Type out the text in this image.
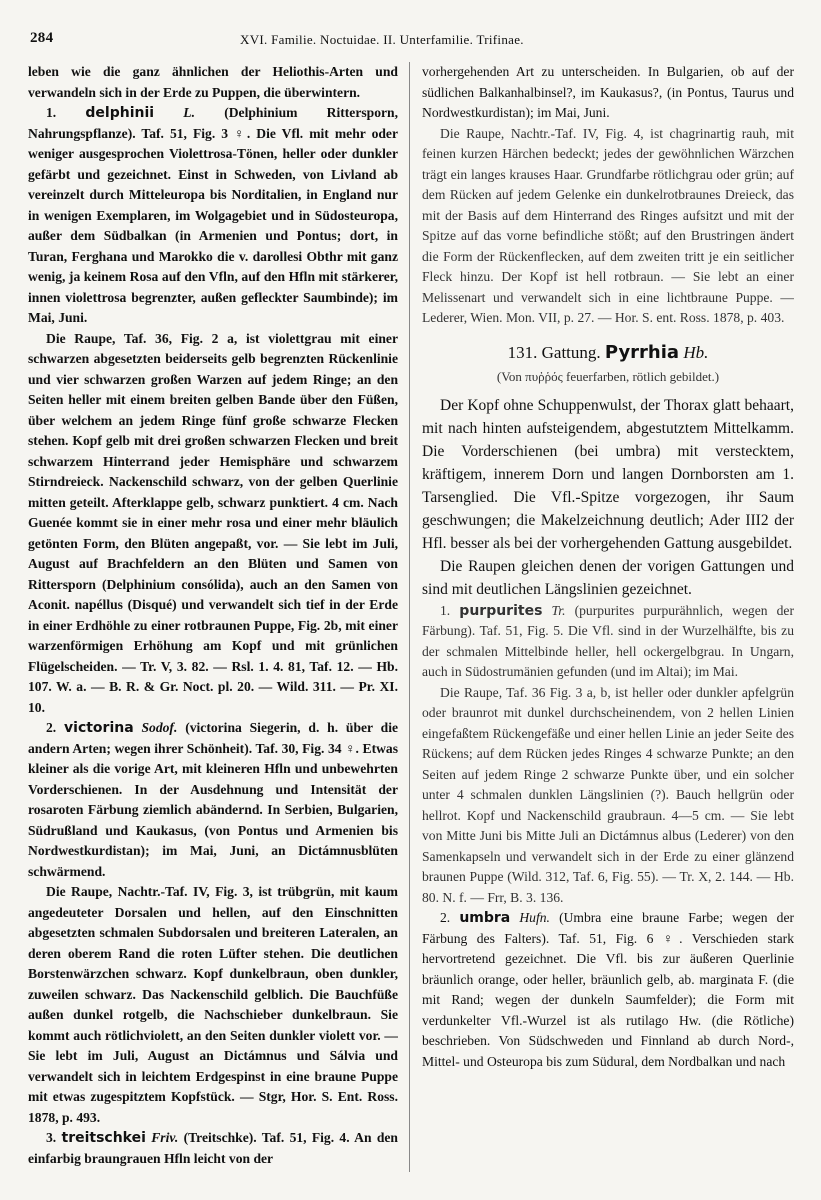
284	XVI. Familie. Noctuidae. II. Unterfamilie. Trifinae.

leben wie die ganz ähnlichen der Heliothis-Arten und verwandeln sich in der Erde zu Puppen, die überwintern.

1. delphinii L. (Delphinium Rittersporn, Nahrungspflanze). Taf. 51, Fig. 3 ♀. Die Vfl. mit mehr oder weniger ausgesprochen Violettrosa-Tönen, heller oder dunkler gefärbt und gezeichnet. Einst in Schweden, von Livland ab vereinzelt durch Mitteleuropa bis Norditalien, in England nur in wenigen Exemplaren, im Wolgagebiet und in Südosteuropa, außer dem Südbalkan (in Armenien und Pontus; dort, in Turan, Ferghana und Marokko die v. darollesi Obthr mit ganz wenig, ja keinem Rosa auf den Vfln, auf den Hfln mit stärkerer, innen violettrosa begrenzter, außen gefleckter Saumbinde); im Mai, Juni.

Die Raupe, Taf. 36, Fig. 2 a, ist violettgrau mit einer schwarzen abgesetzten beiderseits gelb begrenzten Rückenlinie und vier schwarzen großen Warzen auf jedem Ringe; an den Seiten heller mit einem breiten gelben Bande über den Füßen, über welchem an jedem Ringe fünf große schwarze Flecken stehen. Kopf gelb mit drei großen schwarzen Flecken und breit schwarzem Hinterrand jeder Hemisphäre und schwarzem Stirndreieck. Nackenschild schwarz, von der gelben Querlinie mitten geteilt. Afterklappe gelb, schwarz punktiert. 4 cm. Nach Guenée kommt sie in einer mehr rosa und einer mehr bläulich getönten Form, den Blüten angepaßt, vor. — Sie lebt im Juli, August auf Brachfeldern an den Blüten und Samen von Rittersporn (Delphinium consólida), auch an den Samen von Aconit. napéllus (Disqué) und verwandelt sich tief in der Erde in einer Erdhöhle zu einer rotbraunen Puppe, Fig. 2b, mit einer warzenförmigen Erhöhung am Kopf und mit grünlichen Flügelscheiden. — Tr. V, 3. 82. — Rsl. 1. 4. 81, Taf. 12. — Hb. 107. W. a. — B. R. & Gr. Noct. pl. 20. — Wild. 311. — Pr. XI. 10.

2. victorina Sodof. (victorina Siegerin, d. h. über die andern Arten; wegen ihrer Schönheit). Taf. 30, Fig. 34 ♀. Etwas kleiner als die vorige Art, mit kleineren Hfln und unbewehrten Vorderschienen. In der Ausdehnung und Intensität der rosaroten Färbung ziemlich abändernd. In Serbien, Bulgarien, Südrußland und Kaukasus, (von Pontus und Armenien bis Nordwestkurdistan); im Mai, Juni, an Dictámnusblüten schwärmend.

Die Raupe, Nachtr.-Taf. IV, Fig. 3, ist trübgrün, mit kaum angedeuteter Dorsalen und hellen, auf den Einschnitten abgesetzten schmalen Subdorsalen und breiteren Lateralen, an deren oberem Rand die roten Lüfter stehen. Die deutlichen Borstenwärzchen schwarz. Kopf dunkelbraun, oben dunkler, zuweilen schwarz. Das Nackenschild gelblich. Die Bauchfüße außen dunkel rotgelb, die Nachschieber dunkelbraun. Sie kommt auch rötlichviolett, an den Seiten dunkler violett vor. — Sie lebt im Juli, August an Dictámnus und Sálvia und verwandelt sich in leichtem Erdgespinst in eine braune Puppe mit etwas zugespitztem Kopfstück. — Stgr, Hor. S. Ent. Ross. 1878, p. 493.

3. treitschkei Friv. (Treitschke). Taf. 51, Fig. 4. An den einfarbig braungrauen Hfln leicht von der

vorhergehenden Art zu unterscheiden. In Bulgarien, ob auf der südlichen Balkanhalbinsel?, im Kaukasus?, (in Pontus, Taurus und Nordwestkurdistan); im Mai, Juni.

Die Raupe, Nachtr.-Taf. IV, Fig. 4, ist chagrinartig rauh, mit feinen kurzen Härchen bedeckt; jedes der gewöhnlichen Wärzchen trägt ein langes krauses Haar. Grundfarbe rötlichgrau oder grün; auf dem Rücken auf jedem Gelenke ein dunkelrotbraunes Dreieck, das mit der Basis auf dem Hinterrand des Ringes aufsitzt und mit der Spitze auf das vorne befindliche stößt; auf den Brustringen ändert die Form der Rückenflecken, auf dem zweiten tritt je ein seitlicher Fleck hinzu. Der Kopf ist hell rotbraun. — Sie lebt an einer Melissenart und verwandelt sich in eine lichtbraune Puppe. — Lederer, Wien. Mon. VII, p. 27. — Hor. S. ent. Ross. 1878, p. 403.

131. Gattung. Pyrrhia Hb.
(Von πυῤῥός feuerfarben, rötlich gebildet.)

Der Kopf ohne Schuppenwulst, der Thorax glatt behaart, mit nach hinten aufsteigendem, abgestutztem Mittelkamm. Die Vorderschienen (bei umbra) mit verstecktem, kräftigem, innerem Dorn und langen Dornborsten am 1. Tarsenglied. Die Vfl.-Spitze vorgezogen, ihr Saum geschwungen; die Makelzeichnung deutlich; Ader III2 der Hfl. besser als bei der vorhergehenden Gattung ausgebildet.

Die Raupen gleichen denen der vorigen Gattungen und sind mit deutlichen Längslinien gezeichnet.

1. purpurites Tr. (purpurites purpurähnlich, wegen der Färbung). Taf. 51, Fig. 5. Die Vfl. sind in der Wurzelhälfte, bis zu der schmalen Mittelbinde heller, hell ockergelbgrau. In Ungarn, auch in Südostrumänien gefunden (und im Altai); im Mai.

Die Raupe, Taf. 36 Fig. 3 a, b, ist heller oder dunkler apfelgrün oder braunrot mit dunkel durchscheinendem, von 2 hellen Linien eingefaßtem Rückengefäße und einer hellen Linie an jeder Seite des Rückens; auf dem Rücken jedes Ringes 4 schwarze Punkte; an den Seiten auf jedem Ringe 2 schwarze Punkte über, und ein solcher unter 4 schmalen dunklen Längslinien (?). Bauch hellgrün oder hellrot. Kopf und Nackenschild graubraun. 4—5 cm. — Sie lebt von Mitte Juni bis Mitte Juli an Dictámnus albus (Lederer) von den Samenkapseln und verwandelt sich in der Erde zu einer glänzend braunen Puppe (Wild. 312, Taf. 6, Fig. 55). — Tr. X, 2. 144. — Hb. 80. N. f. — Frr, B. 3. 136.

2. umbra Hufn. (Umbra eine braune Farbe; wegen der Färbung des Falters). Taf. 51, Fig. 6 ♀. Verschieden stark hervortretend gezeichnet. Die Vfl. bis zur äußeren Querlinie bräunlich orange, oder heller, bräunlich gelb, ab. marginata F. (die mit Rand; wegen der dunkeln Saumfelder); die Form mit verdunkelter Vfl.-Wurzel ist als rutilago Hw. (die Rötliche) beschrieben. Von Südschweden und Finnland ab durch Nord-, Mittel- und Osteuropa bis zum Südural, dem Nordbalkan und nach
